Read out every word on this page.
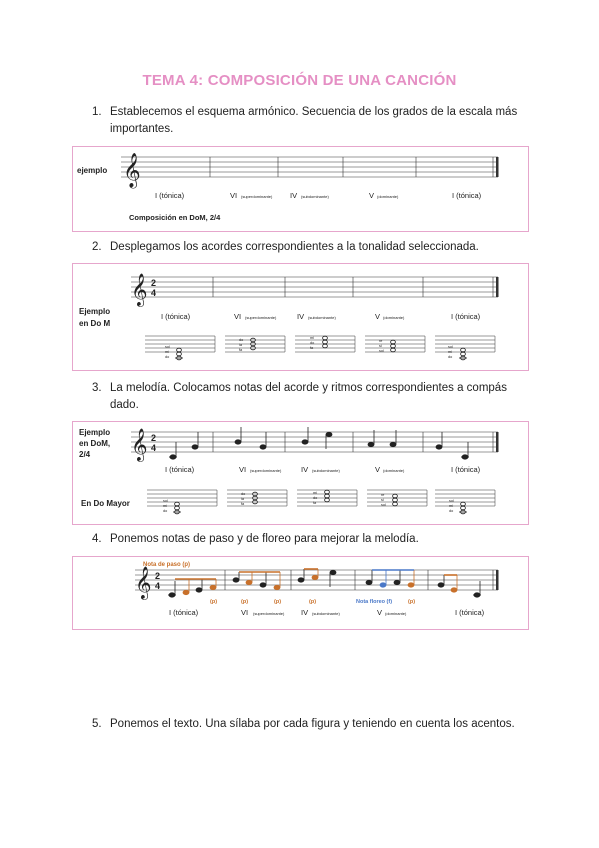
TEMA 4: COMPOSICIÓN DE UNA CANCIÓN
1. Establecemos el esquema armónico. Secuencia de los grados de la escala más importantes.
ejemplo 𝄞
I (tónica)	VI (superdominante) IV (subdominante)	V (dominante)	I (tónica)
Composición en DoM, 2/4
2. Desplegamos los acordes correspondientes a la tonalidad seleccionada.
Ejemplo
en Do M
𝄞 2
4
I (tónica)	VI (superdominante)	IV (subdominante)	V (dominante)	I (tónica)
sol
mi
do
do
la
fa
mi
do
fa
re
si
sol
sol
mi
do
3. La melodía. Colocamos notas del acorde y ritmos correspondientes a compás dado.
Ejemplo
en DoM,
2/4 𝄞 2
4
I (tónica)	VI (superdominante)	IV (subdominante)	V (dominante)	I (tónica)
En Do Mayor	sol
mi
do
do
la
fa
mi
do
fa
re
si
sol
sol
mi
do
4. Ponemos notas de paso y de floreo para mejorar la melodía.
Nota de paso (p)
𝄞 2
4
(p)	(p)	(p)	(p)	(p)
Nota floreo (f)
I (tónica)	VI (superdominante) IV (subdominante)	V (dominante)	I (tónica)
5. Ponemos el texto. Una sílaba por cada figura y teniendo en cuenta los acentos.
